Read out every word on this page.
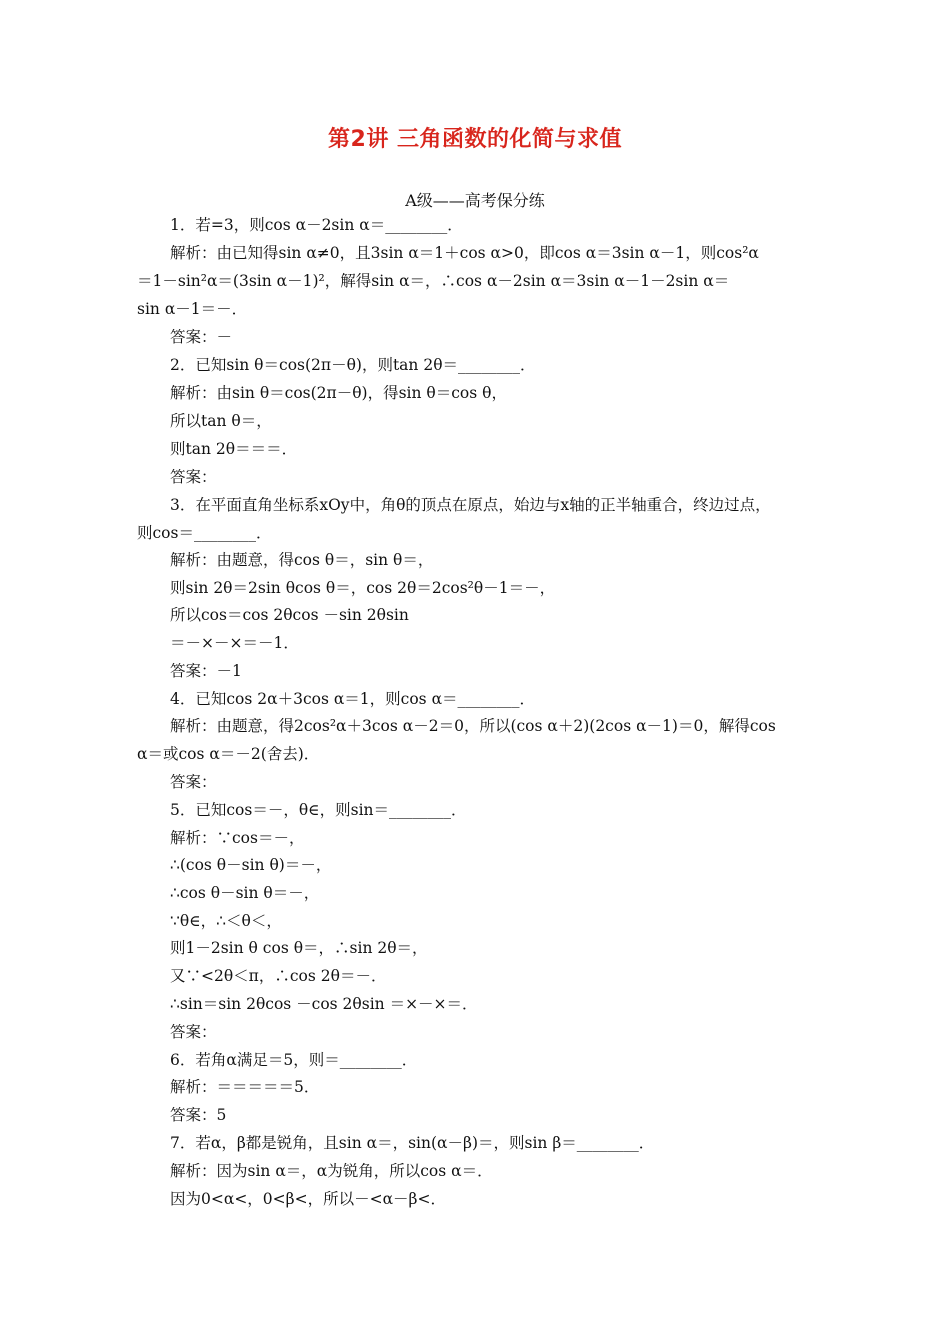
第2讲 三角函数的化简与求值
A级——高考保分练
1．若=3，则cos α－2sin α＝________．
解析：由已知得sin α≠0，且3sin α＝1＋cos α>0，即cos α＝3sin α－1，则cos²α
＝1－sin²α＝(3sin α－1)²，解得sin α＝，∴cos α－2sin α＝3sin α－1－2sin α＝
sin α－1＝－．
答案：－
2．已知sin θ＝cos(2π－θ)，则tan 2θ＝________．
解析：由sin θ＝cos(2π－θ)，得sin θ＝cos θ，
所以tan θ＝，
则tan 2θ＝＝＝．
答案：
3．在平面直角坐标系xOy中，角θ的顶点在原点，始边与x轴的正半轴重合，终边过点，
则cos＝________．
解析：由题意，得cos θ＝，sin θ＝，
则sin 2θ＝2sin θcos θ＝，cos 2θ＝2cos²θ－1＝－，
所以cos＝cos 2θcos －sin 2θsin
＝－×－×＝－1．
答案：－1
4．已知cos 2α＋3cos α＝1，则cos α＝________．
解析：由题意，得2cos²α＋3cos α－2＝0，所以(cos α＋2)(2cos α－1)＝0，解得cos
α＝或cos α＝－2(舍去)．
答案：
5．已知cos＝－，θ∈，则sin＝________．
解析：∵cos＝－，
∴(cos θ－sin θ)＝－，
∴cos θ－sin θ＝－，
∵θ∈，∴＜θ＜，
则1－2sin θ cos θ＝，∴sin 2θ＝，
又∵<2θ＜π，∴cos 2θ＝－．
∴sin＝sin 2θcos －cos 2θsin ＝×－×＝．
答案：
6．若角α满足＝5，则＝________．
解析：＝＝＝＝＝5．
答案：5
7．若α，β都是锐角，且sin α＝，sin(α－β)＝，则sin β＝________．
解析：因为sin α＝，α为锐角，所以cos α＝．
因为0<α<，0<β<，所以－<α－β<．
